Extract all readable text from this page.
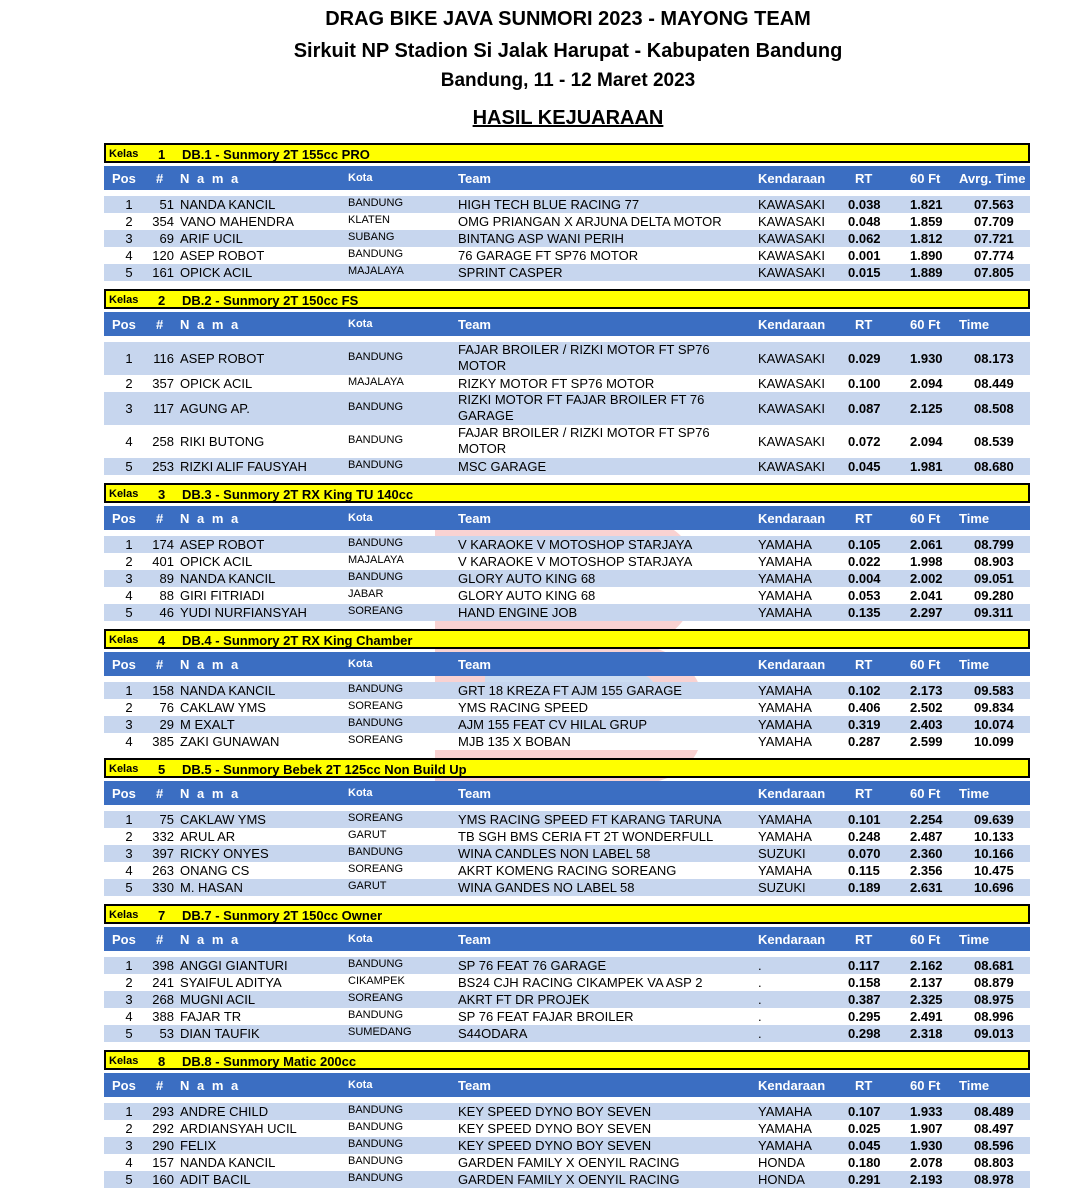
DRAG BIKE JAVA SUNMORI 2023 - MAYONG TEAM
Sirkuit NP Stadion Si Jalak Harupat - Kabupaten Bandung
Bandung, 11 - 12 Maret 2023
HASIL KEJUARAAN
Kelas 1 DB.1 - Sunmory 2T 155cc PRO
Pos # N a m a	Kota	Team	Kendaraan RT	60 Ft Avrg. Time
1	51 NANDA KANCIL	BANDUNG	HIGH TECH BLUE RACING 77	KAWASAKI 0.038 1.821 07.563
2	354 VANO MAHENDRA	KLATEN	OMG PRIANGAN X ARJUNA DELTA MOTOR	KAWASAKI 0.048 1.859 07.709
3	69 ARIF UCIL	SUBANG	BINTANG ASP WANI PERIH	KAWASAKI 0.062 1.812 07.721
4	120 ASEP ROBOT	BANDUNG	76 GARAGE FT SP76 MOTOR	KAWASAKI 0.001 1.890 07.774
5	161 OPICK ACIL	MAJALAYA	SPRINT CASPER	KAWASAKI 0.015 1.889 07.805
Kelas 2 DB.2 - Sunmory 2T 150cc FS
Pos # N a m a	Kota	Team	Kendaraan RT	60 Ft Time
1	116 ASEP ROBOT	BANDUNG	FAJAR BROILER / RIZKI MOTOR FT SP76 MOTOR	KAWASAKI 0.029 1.930 08.173
2	357 OPICK ACIL	MAJALAYA	RIZKY MOTOR FT SP76 MOTOR	KAWASAKI 0.100 2.094 08.449
3	117 AGUNG AP.	BANDUNG	RIZKI MOTOR FT FAJAR BROILER FT 76 GARAGE	KAWASAKI 0.087 2.125 08.508
4	258 RIKI BUTONG	BANDUNG	FAJAR BROILER / RIZKI MOTOR FT SP76 MOTOR	KAWASAKI 0.072 2.094 08.539
5	253 RIZKI ALIF FAUSYAH	BANDUNG	MSC GARAGE	KAWASAKI 0.045 1.981 08.680
Kelas 3 DB.3 - Sunmory 2T RX King TU 140cc
Pos # N a m a	Kota	Team	Kendaraan RT	60 Ft Time
1	174 ASEP ROBOT	BANDUNG	V KARAOKE V MOTOSHOP STARJAYA	YAMAHA	0.105 2.061 08.799
2	401 OPICK ACIL	MAJALAYA	V KARAOKE V MOTOSHOP STARJAYA	YAMAHA	0.022 1.998 08.903
3	89 NANDA KANCIL	BANDUNG	GLORY AUTO KING 68	YAMAHA	0.004 2.002 09.051
4	88 GIRI FITRIADI	JABAR	GLORY AUTO KING 68	YAMAHA	0.053 2.041 09.280
5	46 YUDI NURFIANSYAH	SOREANG	HAND ENGINE JOB	YAMAHA	0.135 2.297 09.311
Kelas 4 DB.4 - Sunmory 2T RX King Chamber
Pos # N a m a	Kota	Team	Kendaraan RT	60 Ft Time
1	158 NANDA KANCIL	BANDUNG	GRT 18 KREZA FT AJM 155 GARAGE	YAMAHA	0.102 2.173 09.583
2	76 CAKLAW YMS	SOREANG	YMS RACING SPEED	YAMAHA	0.406 2.502 09.834
3	29 M EXALT	BANDUNG	AJM 155 FEAT CV HILAL GRUP	YAMAHA	0.319 2.403 10.074
4	385 ZAKI GUNAWAN	SOREANG	MJB 135 X BOBAN	YAMAHA	0.287 2.599 10.099
Kelas 5 DB.5 - Sunmory Bebek 2T 125cc Non Build Up
Pos # N a m a	Kota	Team	Kendaraan RT	60 Ft Time
1	75 CAKLAW YMS	SOREANG	YMS RACING SPEED FT KARANG TARUNA	YAMAHA	0.101 2.254 09.639
2	332 ARUL AR	GARUT	TB SGH BMS CERIA FT 2T WONDERFULL	YAMAHA	0.248 2.487 10.133
3	397 RICKY ONYES	BANDUNG	WINA CANDLES NON LABEL 58	SUZUKI	0.070 2.360 10.166
4	263 ONANG CS	SOREANG	AKRT KOMENG RACING SOREANG	YAMAHA	0.115 2.356 10.475
5	330 M. HASAN	GARUT	WINA GANDES NO LABEL 58	SUZUKI	0.189 2.631 10.696
Kelas 7 DB.7 - Sunmory 2T 150cc Owner
Pos # N a m a	Kota	Team	Kendaraan RT	60 Ft Time
1	398 ANGGI GIANTURI	BANDUNG	SP 76 FEAT 76 GARAGE	.	0.117 2.162 08.681
2	241 SYAIFUL ADITYA	CIKAMPEK	BS24 CJH RACING CIKAMPEK VA ASP 2	.	0.158 2.137 08.879
3	268 MUGNI ACIL	SOREANG	AKRT FT DR PROJEK	.	0.387 2.325 08.975
4	388 FAJAR TR	BANDUNG	SP 76 FEAT FAJAR BROILER	.	0.295 2.491 08.996
5	53 DIAN TAUFIK	SUMEDANG	S44ODARA	.	0.298 2.318 09.013
Kelas 8 DB.8 - Sunmory Matic 200cc
Pos # N a m a	Kota	Team	Kendaraan RT	60 Ft Time
1	293 ANDRE CHILD	BANDUNG	KEY SPEED DYNO BOY SEVEN	YAMAHA	0.107 1.933 08.489
2	292 ARDIANSYAH UCIL	BANDUNG	KEY SPEED DYNO BOY SEVEN	YAMAHA	0.025 1.907 08.497
3	290 FELIX	BANDUNG	KEY SPEED DYNO BOY SEVEN	YAMAHA	0.045 1.930 08.596
4	157 NANDA KANCIL	BANDUNG	GARDEN FAMILY X OENYIL RACING	HONDA	0.180 2.078 08.803
5	160 ADIT BACIL	BANDUNG	GARDEN FAMILY X OENYIL RACING	HONDA	0.291 2.193 08.978
